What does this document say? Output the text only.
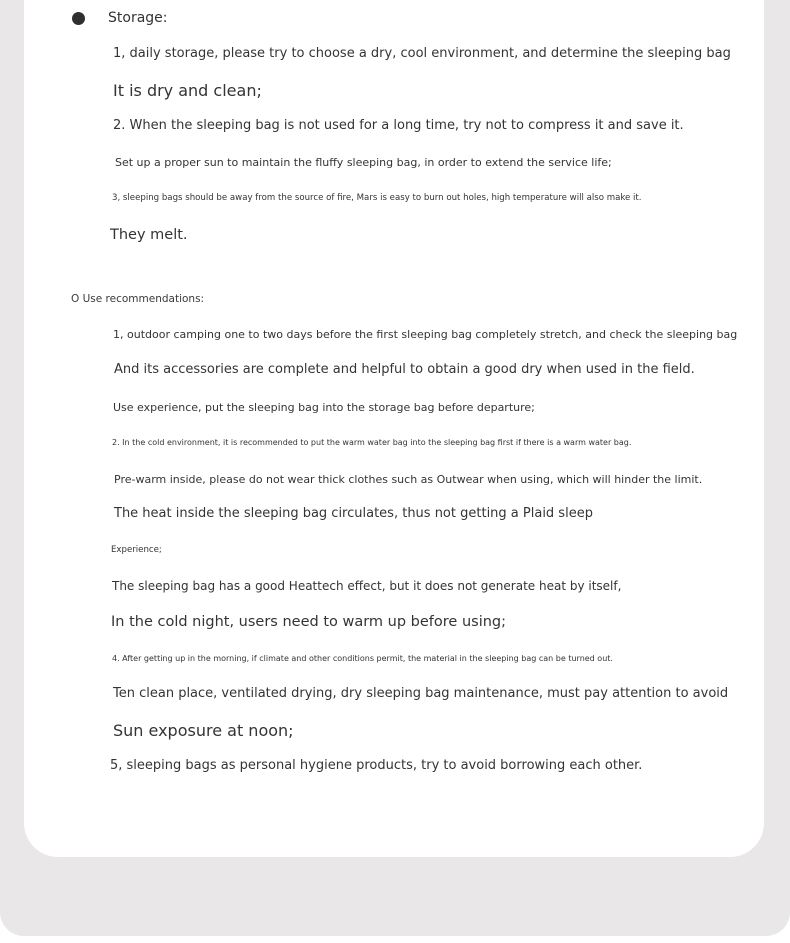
Storage:
1, daily storage, please try to choose a dry, cool environment, and determine the sleeping bag
It is dry and clean;
2. When the sleeping bag is not used for a long time, try not to compress it and save it.
Set up a proper sun to maintain the fluffy sleeping bag, in order to extend the service life;
3, sleeping bags should be away from the source of fire, Mars is easy to burn out holes, high temperature will also make it.
They melt.
O Use recommendations:
1, outdoor camping one to two days before the first sleeping bag completely stretch, and check the sleeping bag
And its accessories are complete and helpful to obtain a good dry when used in the field.
Use experience, put the sleeping bag into the storage bag before departure;
2. In the cold environment, it is recommended to put the warm water bag into the sleeping bag first if there is a warm water bag.
Pre-warm inside, please do not wear thick clothes such as Outwear when using, which will hinder the limit.
The heat inside the sleeping bag circulates, thus not getting a Plaid sleep
Experience;
The sleeping bag has a good Heattech effect, but it does not generate heat by itself,
In the cold night, users need to warm up before using;
4. After getting up in the morning, if climate and other conditions permit, the material in the sleeping bag can be turned out.
Ten clean place, ventilated drying, dry sleeping bag maintenance, must pay attention to avoid
Sun exposure at noon;
5, sleeping bags as personal hygiene products, try to avoid borrowing each other.
